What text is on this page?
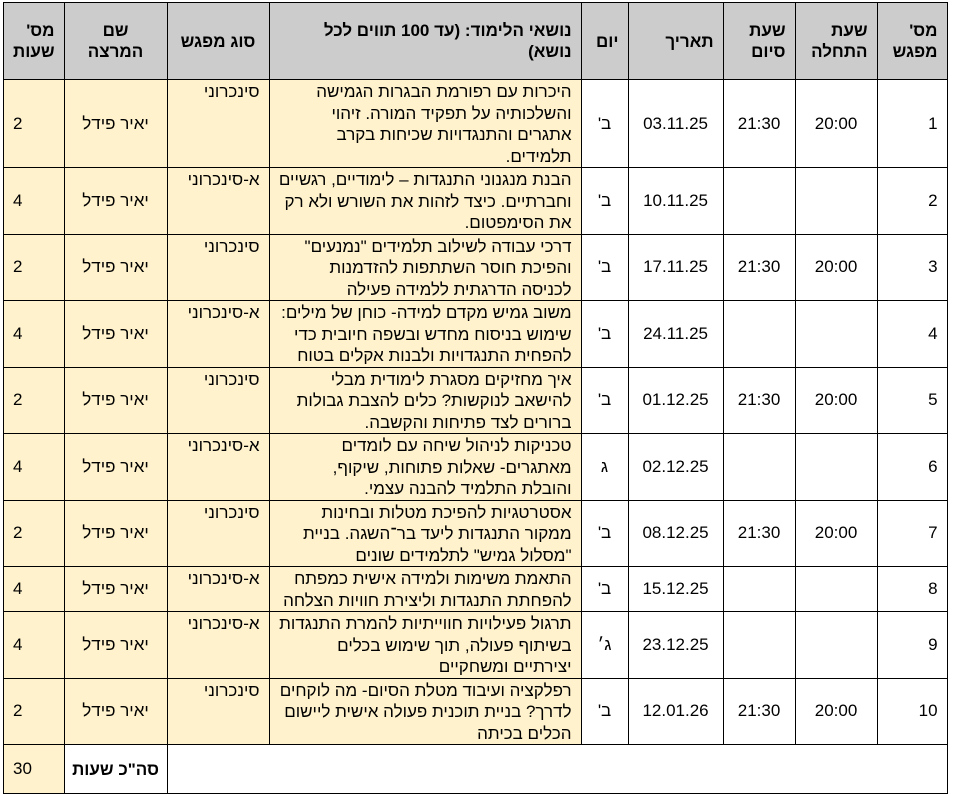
מס' מפגש	שעת התחלה	שעת סיום	תאריך	יום	נושאי הלימוד: (עד 100 תווים לכל נושא)	סוג מפגש	שם המרצה	מס' שעות
1	20:00	21:30	03.11.25	ב'	היכרות עם רפורמת הבגרות הגמישה והשלכותיה על תפקיד המורה. זיהוי אתגרים והתנגדויות שכיחות בקרב תלמידים.	סינכרוני	יאיר פידל	2
2			10.11.25	ב'	הבנת מנגנוני התנגדות – לימודיים, רגשיים וחברתיים. כיצד לזהות את השורש ולא רק את הסימפטום.	א-סינכרוני	יאיר פידל	4
3	20:00	21:30	17.11.25	ב'	דרכי עבודה לשילוב תלמידים "נמנעים" והפיכת חוסר השתתפות להזדמנות לכניסה הדרגתית ללמידה פעילה	סינכרוני	יאיר פידל	2
4			24.11.25	ב'	משוב גמיש מקדם למידה- כוחן של מילים: שימוש בניסוח מחדש ובשפה חיובית כדי להפחית התנגדויות ולבנות אקלים בטוח	א-סינכרוני	יאיר פידל	4
5	20:00	21:30	01.12.25	ב'	איך מחזיקים מסגרת לימודית מבלי להישאב לנוקשות? כלים להצבת גבולות ברורים לצד פתיחות והקשבה.	סינכרוני	יאיר פידל	2
6			02.12.25	ג	טכניקות לניהול שיחה עם לומדים מאתגרים- שאלות פתוחות, שיקוף, והובלת התלמיד להבנה עצמי.	א-סינכרוני	יאיר פידל	4
7	20:00	21:30	08.12.25	ב'	אסטרטגיות להפיכת מטלות ובחינות ממקור התנגדות ליעד בר־השגה. בניית "מסלול גמיש" לתלמידים שונים	סינכרוני	יאיר פידל	2
8			15.12.25	ב'	התאמת משימות ולמידה אישית כמפתח להפחתת התנגדות וליצירת חוויות הצלחה	א-סינכרוני	יאיר פידל	4
9			23.12.25	ג׳	תרגול פעילויות חווייתיות להמרת התנגדות בשיתוף פעולה, תוך שימוש בכלים יצירתיים ומשחקיים	א-סינכרוני	יאיר פידל	4
10	20:00	21:30	12.01.26	ב'	רפלקציה ועיבוד מטלת הסיום- מה לוקחים לדרך? בניית תוכנית פעולה אישית ליישום הכלים בכיתה	סינכרוני	יאיר פידל	2
							סה"כ שעות	30
